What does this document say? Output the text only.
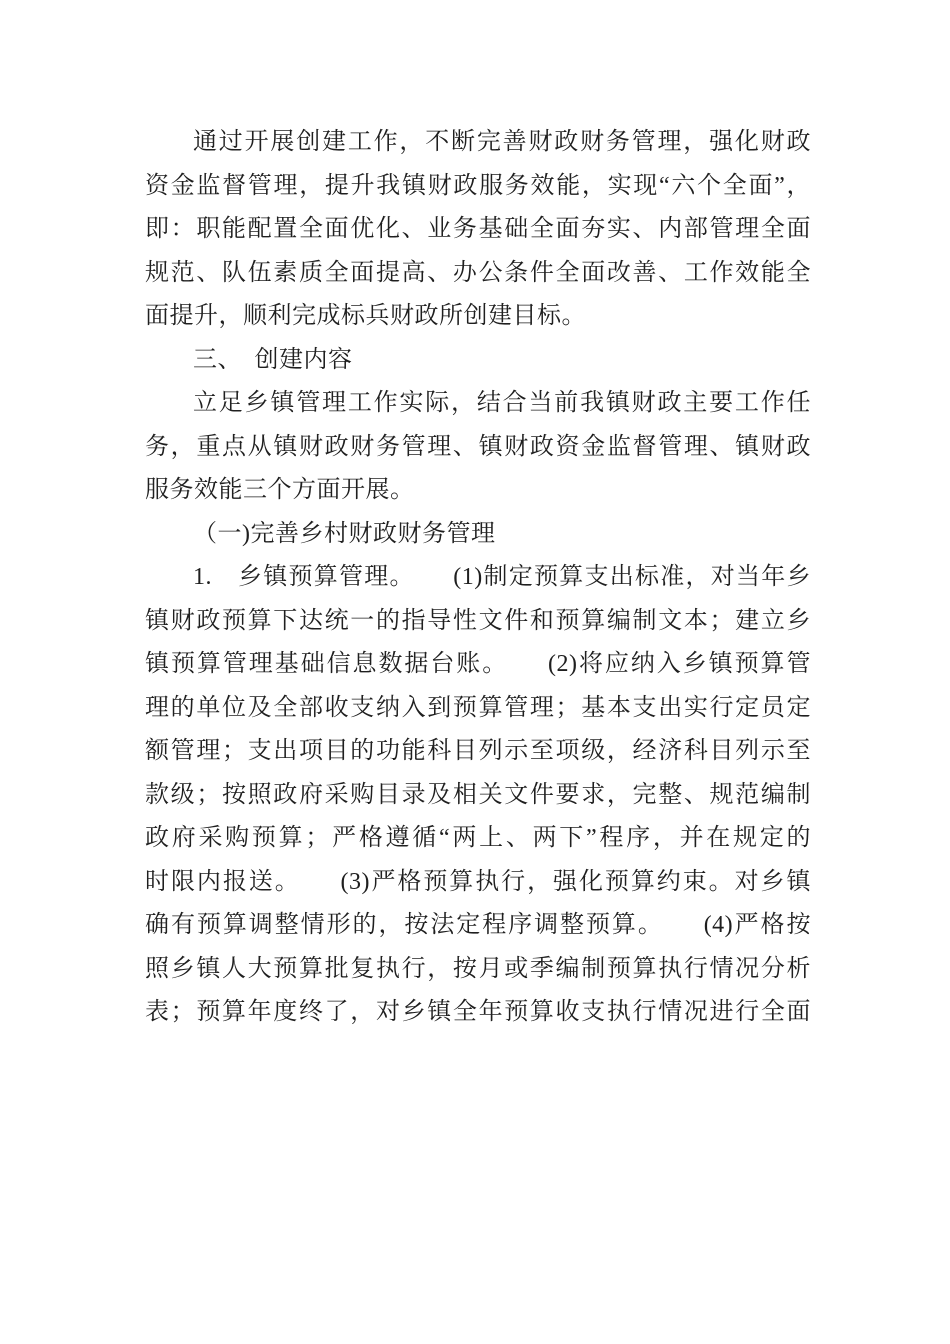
通过开展创建工作，不断完善财政财务管理，强化财政
资金监督管理，提升我镇财政服务效能，实现“六个全面”，
即：职能配置全面优化、业务基础全面夯实、内部管理全面
规范、队伍素质全面提高、办公条件全面改善、工作效能全
面提升，顺利完成标兵财政所创建目标。
三、　创建内容
立足乡镇管理工作实际，结合当前我镇财政主要工作任
务，重点从镇财政财务管理、镇财政资金监督管理、镇财政
服务效能三个方面开展。
（一)完善乡村财政财务管理
1.　乡镇预算管理。　　(1)制定预算支出标准，对当年乡
镇财政预算下达统一的指导性文件和预算编制文本；建立乡
镇预算管理基础信息数据台账。　　(2)将应纳入乡镇预算管
理的单位及全部收支纳入到预算管理；基本支出实行定员定
额管理；支出项目的功能科目列示至项级，经济科目列示至
款级；按照政府采购目录及相关文件要求，完整、规范编制
政府采购预算；严格遵循“两上、两下”程序，并在规定的
时限内报送。　　(3)严格预算执行，强化预算约束。对乡镇
确有预算调整情形的，按法定程序调整预算。　　(4)严格按
照乡镇人大预算批复执行，按月或季编制预算执行情况分析
表；预算年度终了，对乡镇全年预算收支执行情况进行全面
